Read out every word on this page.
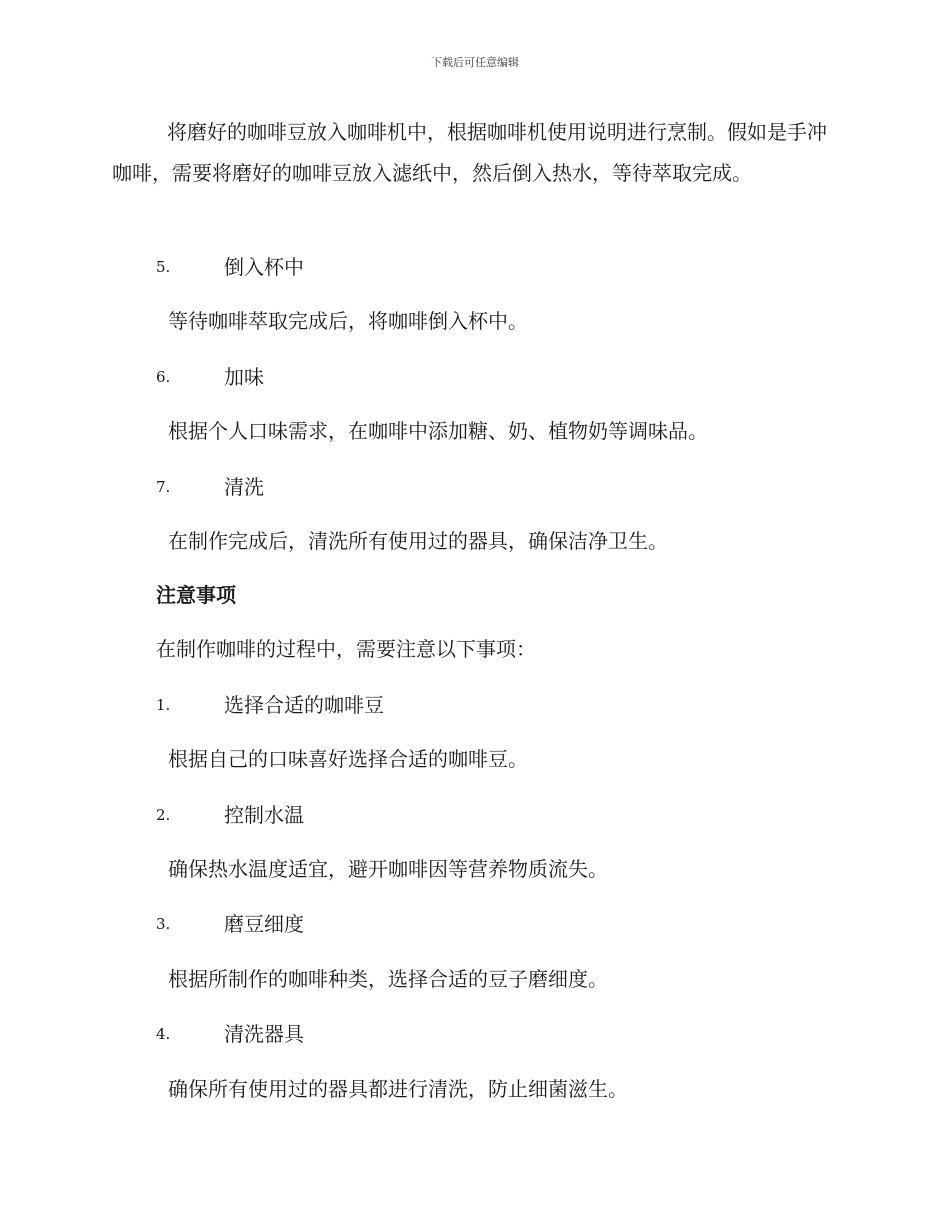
下载后可任意编辑

将磨好的咖啡豆放入咖啡机中，根据咖啡机使用说明进行烹制。假如是手冲咖啡，需要将磨好的咖啡豆放入滤纸中，然后倒入热水，等待萃取完成。

5.	倒入杯中
等待咖啡萃取完成后，将咖啡倒入杯中。
6.	加味
根据个人口味需求，在咖啡中添加糖、奶、植物奶等调味品。
7.	清洗
在制作完成后，清洗所有使用过的器具，确保洁净卫生。
注意事项
在制作咖啡的过程中，需要注意以下事项：
1.	选择合适的咖啡豆
根据自己的口味喜好选择合适的咖啡豆。
2.	控制水温
确保热水温度适宜，避开咖啡因等营养物质流失。
3.	磨豆细度
根据所制作的咖啡种类，选择合适的豆子磨细度。
4.	清洗器具
确保所有使用过的器具都进行清洗，防止细菌滋生。
